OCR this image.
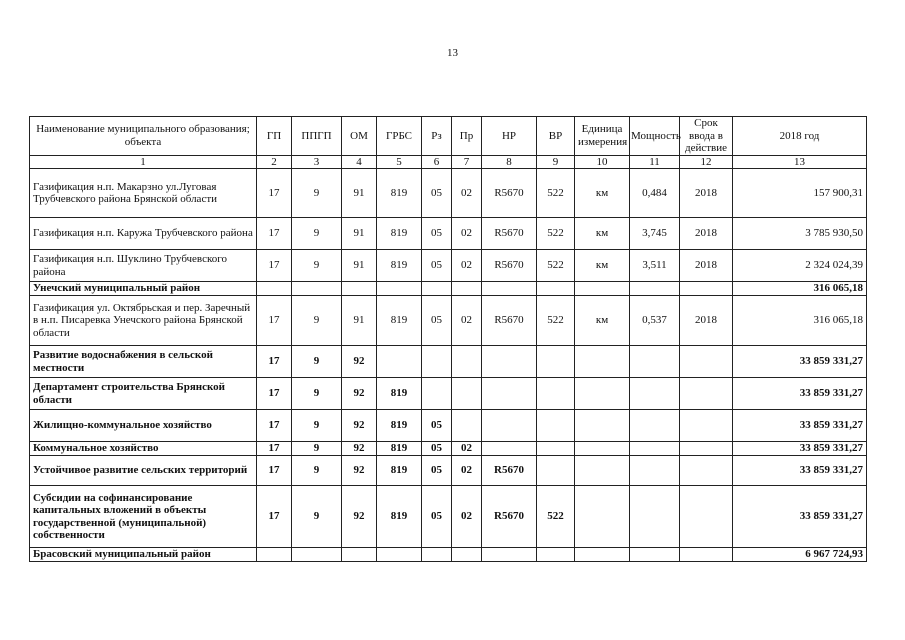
13
Наименование муниципального образования; объекта	ГП	ППГП	ОМ	ГРБС	Рз	Пр	НР	ВР	Единица измерения	Мощность	Срок ввода в действие	2018 год
1	2	3	4	5	6	7	8	9	10	11	12	13
Газификация н.п. Макарзно ул.Луговая Трубчевского района Брянской области	17	9	91	819	05	02	R5670	522	км	0,484	2018	157 900,31
Газификация н.п. Каружа Трубчевского района	17	9	91	819	05	02	R5670	522	км	3,745	2018	3 785 930,50
Газификация н.п. Шуклино Трубчевского района	17	9	91	819	05	02	R5670	522	км	3,511	2018	2 324 024,39
Унечский муниципальный район												316 065,18
Газификация ул. Октябрьская и пер. Заречный в н.п. Писаревка Унечского района Брянской области	17	9	91	819	05	02	R5670	522	км	0,537	2018	316 065,18
Развитие водоснабжения в сельской местности	17	9	92									33 859 331,27
Департамент строительства Брянской области	17	9	92	819								33 859 331,27
Жилищно-коммунальное хозяйство	17	9	92	819	05							33 859 331,27
Коммунальное хозяйство	17	9	92	819	05	02						33 859 331,27
Устойчивое развитие сельских территорий	17	9	92	819	05	02	R5670					33 859 331,27
Субсидии на софинансирование капитальных вложений в объекты государственной (муниципальной) собственности	17	9	92	819	05	02	R5670	522				33 859 331,27
Брасовский муниципальный район												6 967 724,93
